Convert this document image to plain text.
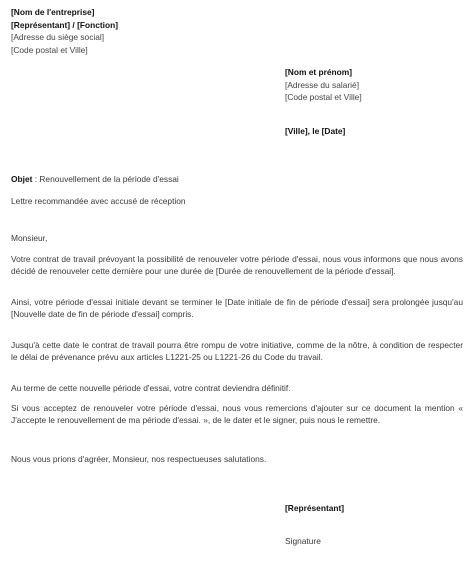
[Nom de l'entreprise]
[Représentant] / [Fonction]
[Adresse du siège social]
[Code postal et Ville]
[Nom et prénom]
[Adresse du salarié]
[Code postal et Ville]
[Ville], le [Date]
Objet : Renouvellement de la période d'essai
Lettre recommandée avec accusé de réception
Monsieur,
Votre contrat de travail prévoyant la possibilité de renouveler votre période d'essai, nous vous informons que nous avons décidé de renouveler cette dernière pour une durée de [Durée de renouvellement de la période d'essai].
Ainsi, votre période d'essai initiale devant se terminer le [Date initiale de fin de période d'essai] sera prolongée jusqu'au [Nouvelle date de fin de période d'essai] compris.
Jusqu'à cette date le contrat de travail pourra être rompu de votre initiative, comme de la nôtre, à condition de respecter le délai de prévenance prévu aux articles L1221-25 ou L1221-26 du Code du travail.
Au terme de cette nouvelle période d'essai, votre contrat deviendra définitif.
Si vous acceptez de renouveler votre période d'essai, nous vous remercions d'ajouter sur ce document la mention « J'accepte le renouvellement de ma période d'essai. », de le dater et le signer, puis nous le remettre.
Nous vous prions d'agréer, Monsieur, nos respectueuses salutations.
[Représentant]
Signature
